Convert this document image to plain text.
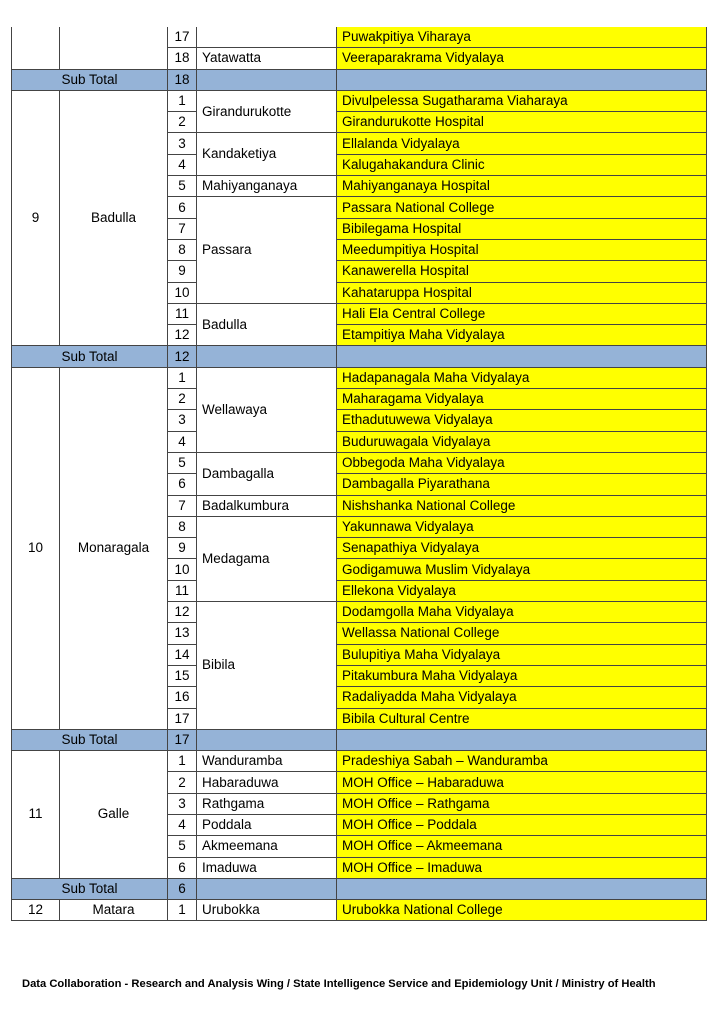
		17		Puwakpitiya Viharaya
		18	Yatawatta	Veeraparakrama Vidyalaya
Sub Total		18		
9	Badulla	1	Girandurukotte	Divulpelessa Sugatharama Viaharaya
		2		Girandurukotte Hospital
		3	Kandaketiya	Ellalanda Vidyalaya
		4		Kalugahakandura Clinic
		5	Mahiyanganaya	Mahiyanganaya Hospital
		6	Passara	Passara National College
		7		Bibilegama Hospital
		8		Meedumpitiya Hospital
		9		Kanawerella Hospital
		10		Kahataruppa Hospital
		11	Badulla	Hali Ela Central College
		12		Etampitiya Maha Vidyalaya
Sub Total		12		
10	Monaragala	1	Wellawaya	Hadapanagala Maha Vidyalaya
		2		Maharagama Vidyalaya
		3		Ethadutuwewa Vidyalaya
		4		Buduruwagala Vidyalaya
		5	Dambagalla	Obbegoda Maha Vidyalaya
		6		Dambagalla Piyarathana
		7	Badalkumbura	Nishshanka National College
		8	Medagama	Yakunnawa Vidyalaya
		9		Senapathiya Vidyalaya
		10		Godigamuwa Muslim Vidyalaya
		11		Ellekona Vidyalaya
		12	Bibila	Dodamgolla Maha Vidyalaya
		13		Wellassa National College
		14		Bulupitiya Maha Vidyalaya
		15		Pitakumbura Maha Vidyalaya
		16		Radaliyadda Maha Vidyalaya
		17		Bibila Cultural Centre
Sub Total		17		
11	Galle	1	Wanduramba	Pradeshiya Sabah – Wanduramba
		2	Habaraduwa	MOH Office – Habaraduwa
		3	Rathgama	MOH Office – Rathgama
		4	Poddala	MOH Office – Poddala
		5	Akmeemana	MOH Office – Akmeemana
		6	Imaduwa	MOH Office – Imaduwa
Sub Total		6		
12	Matara	1	Urubokka	Urubokka National College
Data Collaboration - Research and Analysis Wing / State Intelligence Service and Epidemiology Unit / Ministry of Health
